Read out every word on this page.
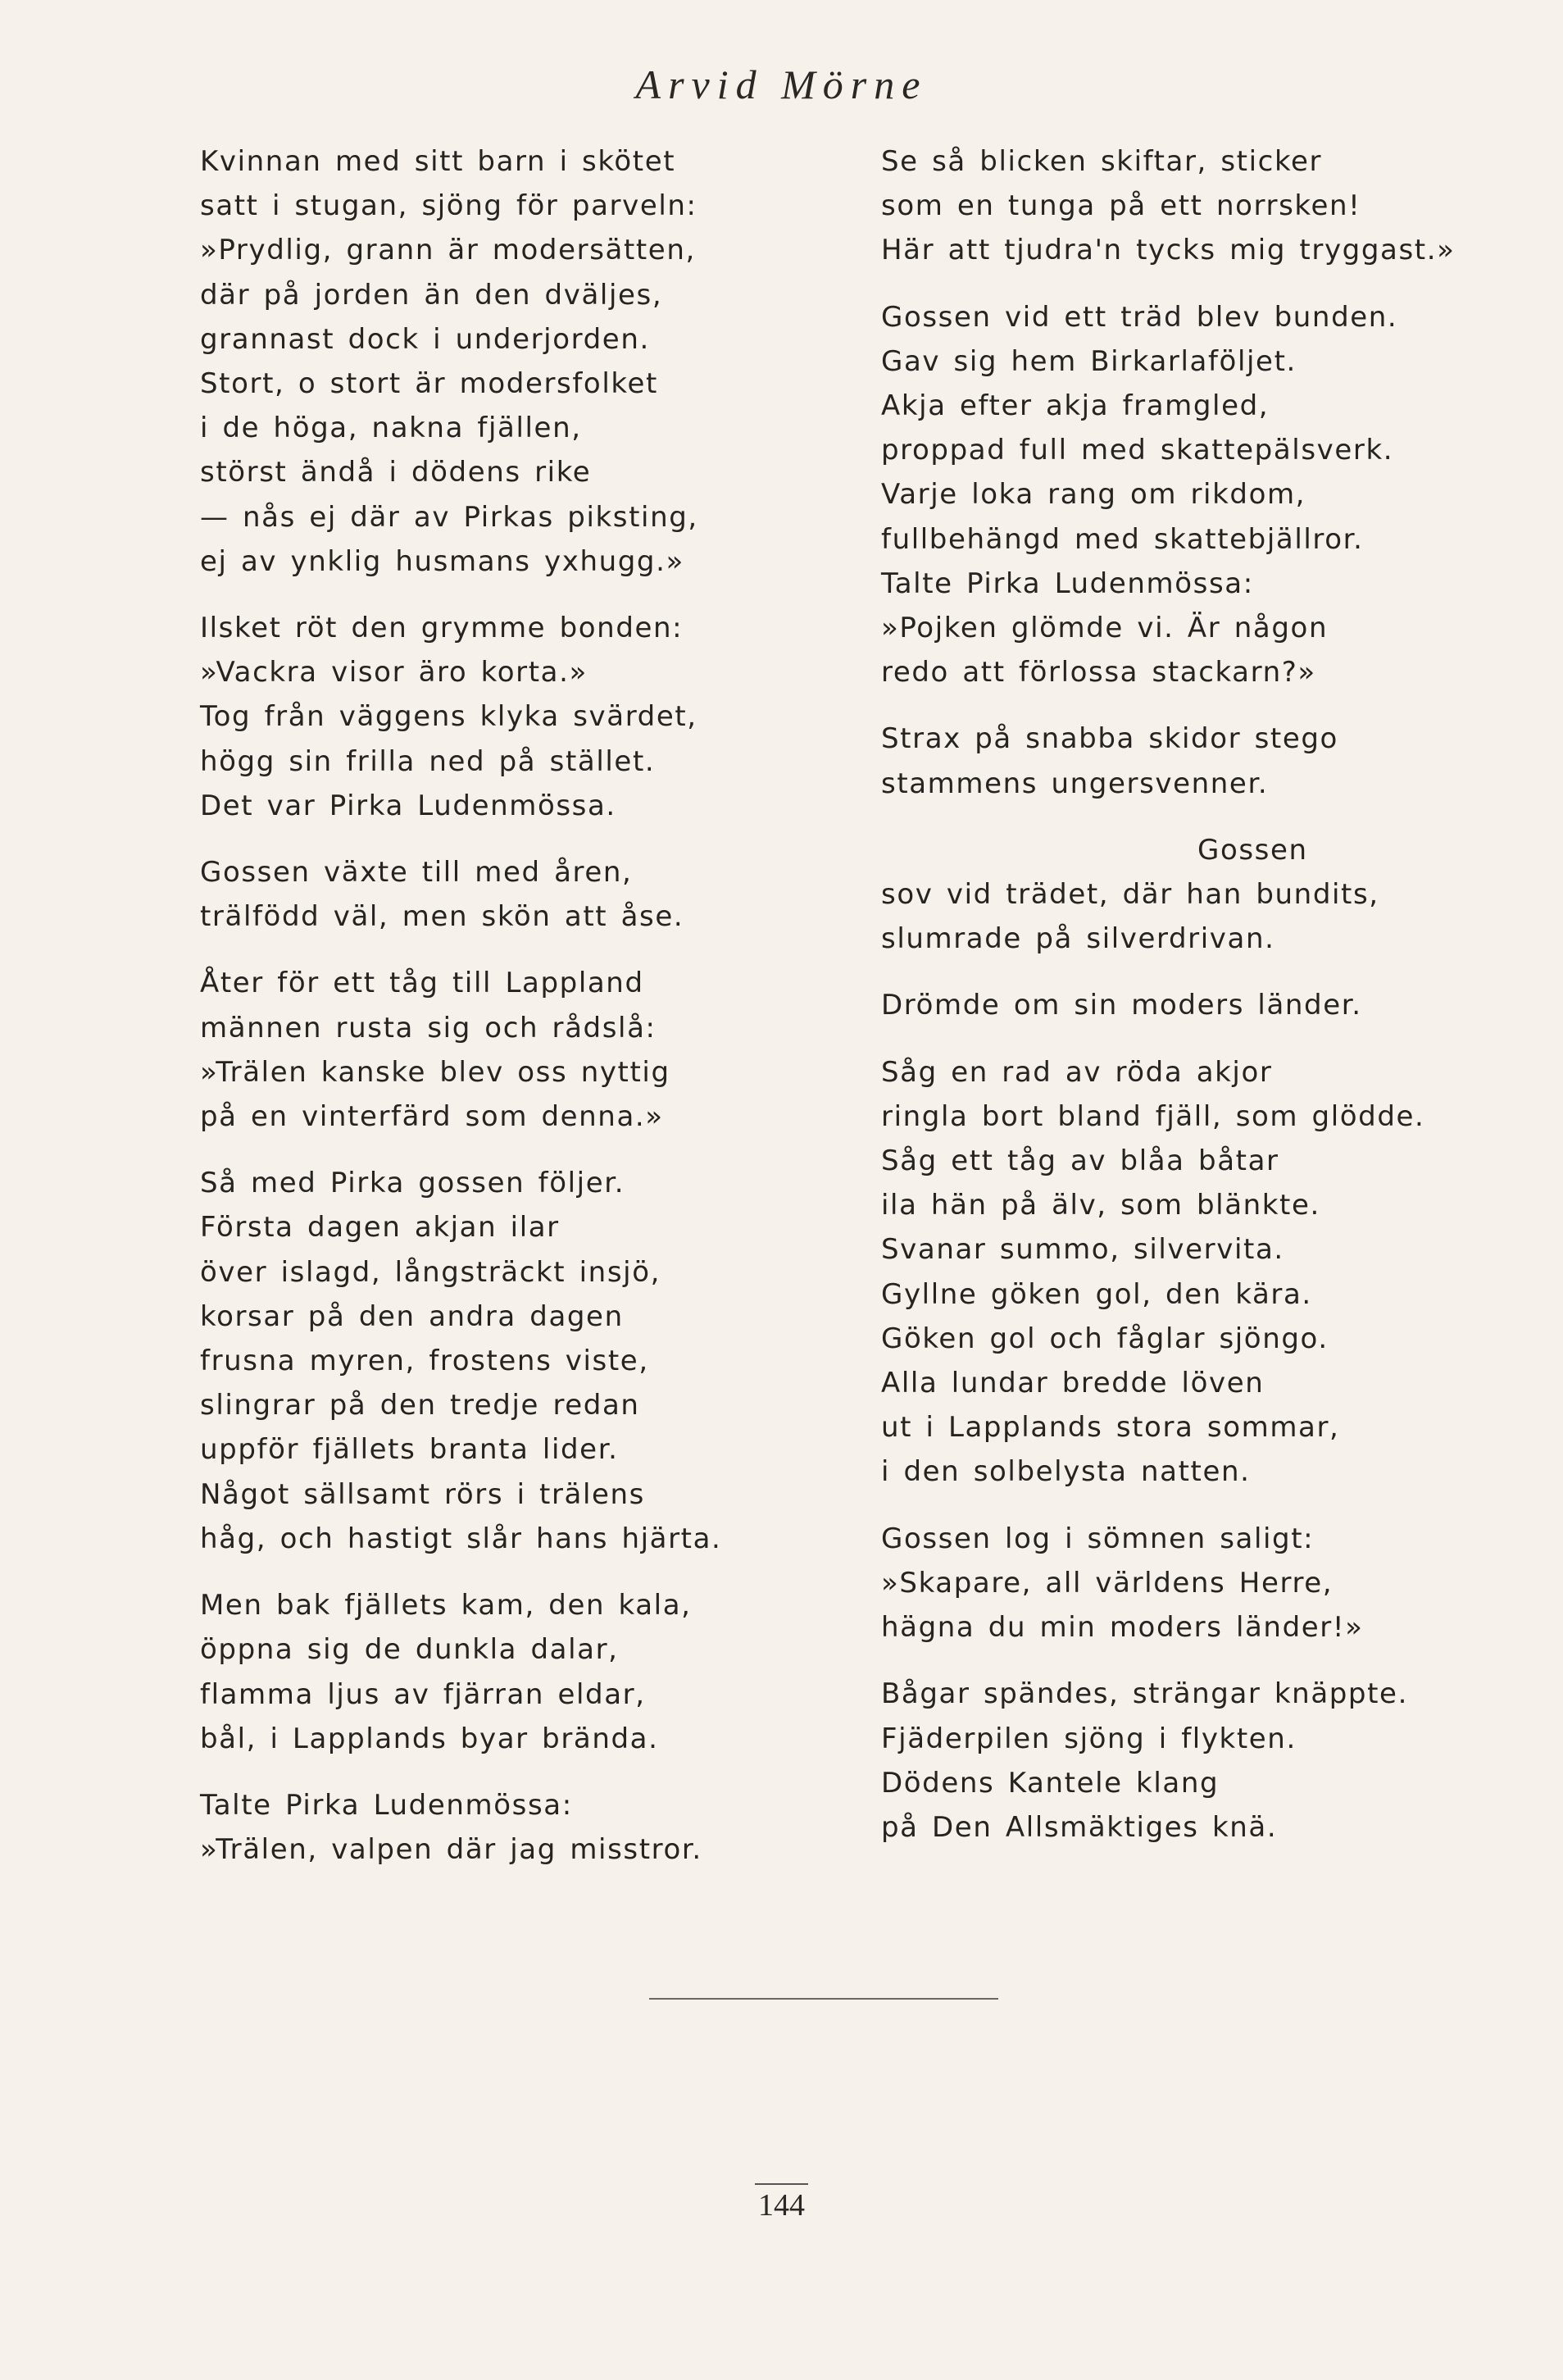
Arvid Mörne
Kvinnan med sitt barn i skötet
satt i stugan, sjöng för parveln:
»Prydlig, grann är modersätten,
där på jorden än den dväljes,
grannast dock i underjorden.
Stort, o stort är modersfolket
i de höga, nakna fjällen,
störst ändå i dödens rike
— nås ej där av Pirkas piksting,
ej av ynklig husmans yxhugg.»
Ilsket röt den grymme bonden:
»Vackra visor äro korta.»
Tog från väggens klyka svärdet,
högg sin frilla ned på stället.
Det var Pirka Ludenmössa.
Gossen växte till med åren,
trälfödd väl, men skön att åse.
Åter för ett tåg till Lappland
männen rusta sig och rådslå:
»Trälen kanske blev oss nyttig
på en vinterfärd som denna.»
Så med Pirka gossen följer.
Första dagen akjan ilar
över islagd, långsträckt insjö,
korsar på den andra dagen
frusna myren, frostens viste,
slingrar på den tredje redan
uppför fjällets branta lider.
Något sällsamt rörs i trälens
håg, och hastigt slår hans hjärta.
Men bak fjällets kam, den kala,
öppna sig de dunkla dalar,
flamma ljus av fjärran eldar,
bål, i Lapplands byar brända.
Talte Pirka Ludenmössa:
»Trälen, valpen där jag misstror.
Se så blicken skiftar, sticker
som en tunga på ett norrsken!
Här att tjudra'n tycks mig tryggast.»
Gossen vid ett träd blev bunden.
Gav sig hem Birkarlaföljet.
Akja efter akja framgled,
proppad full med skattepälsverk.
Varje loka rang om rikdom,
fullbehängd med skattebjällror.
Talte Pirka Ludenmössa:
»Pojken glömde vi. Är någon
redo att förlossa stackarn?»
Strax på snabba skidor stego
stammens ungersvenner.
Gossen
sov vid trädet, där han bundits,
slumrade på silverdrivan.
Drömde om sin moders länder.
Såg en rad av röda akjor
ringla bort bland fjäll, som glödde.
Såg ett tåg av blåa båtar
ila hän på älv, som blänkte.
Svanar summo, silvervita.
Gyllne göken gol, den kära.
Göken gol och fåglar sjöngo.
Alla lundar bredde löven
ut i Lapplands stora sommar,
i den solbelysta natten.
Gossen log i sömnen saligt:
»Skapare, all världens Herre,
hägna du min moders länder!»
Bågar spändes, strängar knäppte.
Fjäderpilen sjöng i flykten.
Dödens Kantele klang
på Den Allsmäktiges knä.
144
